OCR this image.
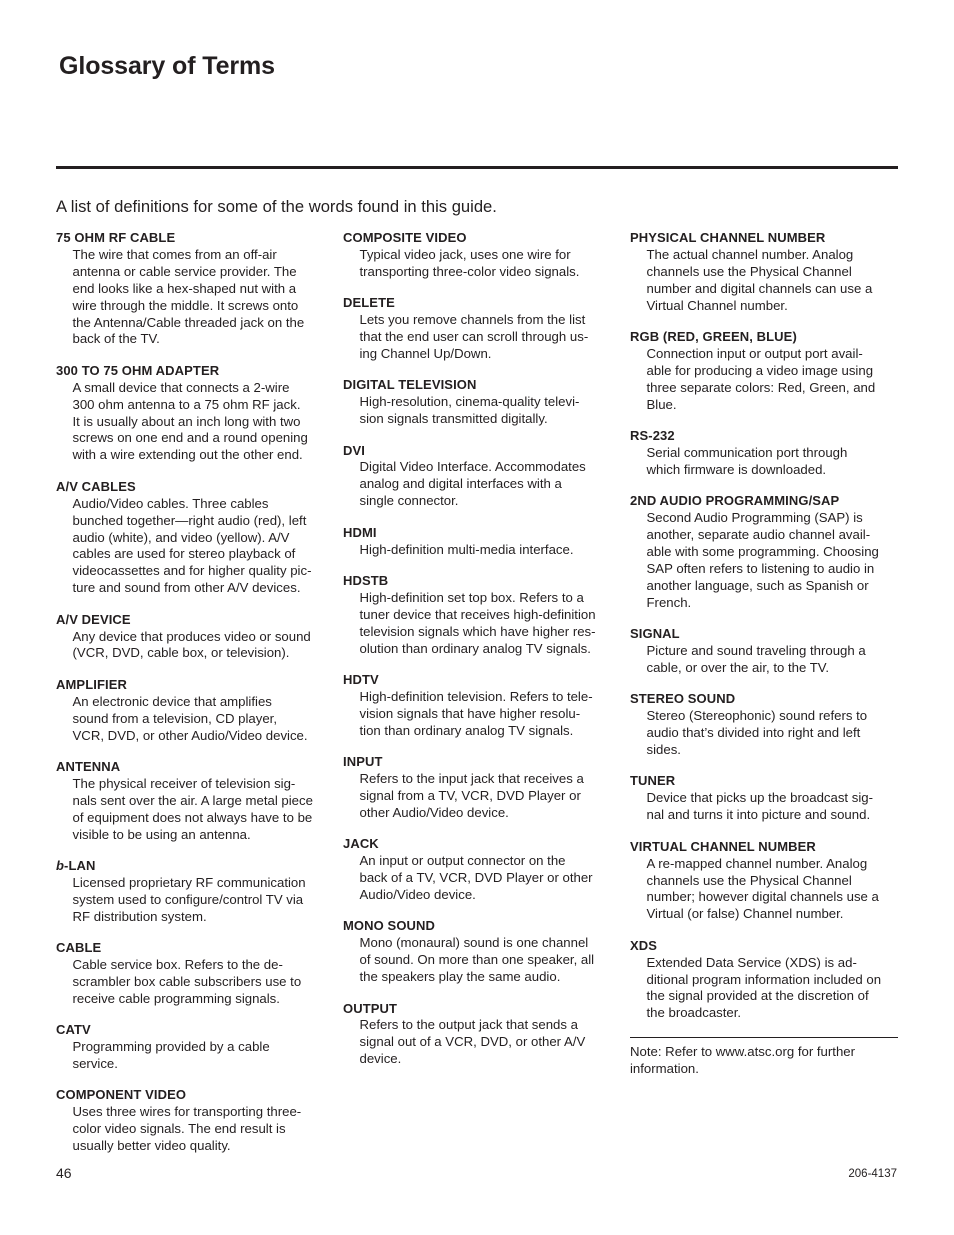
Glossary of Terms

A list of definitions for some of the words found in this guide.

75 OHM RF CABLE
The wire that comes from an off-air
antenna or cable service provider. The
end looks like a hex-shaped nut with a
wire through the middle. It screws onto
the Antenna/Cable threaded jack on the
back of the TV.
300 TO 75 OHM ADAPTER
A small device that connects a 2-wire
300 ohm antenna to a 75 ohm RF jack.
It is usually about an inch long with two
screws on one end and a round opening
with a wire extending out the other end.
A/V CABLES
Audio/Video cables. Three cables
bunched together—right audio (red), left
audio (white), and video (yellow). A/V
cables are used for stereo playback of
videocassettes and for higher quality pic-
ture and sound from other A/V devices.
A/V DEVICE
Any device that produces video or sound
(VCR, DVD, cable box, or television).
AMPLIFIER
An electronic device that amplifies
sound from a television, CD player,
VCR, DVD, or other Audio/Video device.
ANTENNA
The physical receiver of television sig-
nals sent over the air. A large metal piece
of equipment does not always have to be
visible to be using an antenna.
b-LAN
Licensed proprietary RF communication
system used to configure/control TV via
RF distribution system.
CABLE
Cable service box. Refers to the de-
scrambler box cable subscribers use to
receive cable programming signals.
CATV
Programming provided by a cable
service.
COMPONENT VIDEO
Uses three wires for transporting three-
color video signals. The end result is
usually better video quality.
COMPOSITE VIDEO
Typical video jack, uses one wire for
transporting three-color video signals.
DELETE
Lets you remove channels from the list
that the end user can scroll through us-
ing Channel Up/Down.
DIGITAL TELEVISION
High-resolution, cinema-quality televi-
sion signals transmitted digitally.
DVI
Digital Video Interface. Accommodates
analog and digital interfaces with a
single connector.
HDMI
High-definition multi-media interface.
HDSTB
High-definition set top box. Refers to a
tuner device that receives high-definition
television signals which have higher res-
olution than ordinary analog TV signals.
HDTV
High-definition television. Refers to tele-
vision signals that have higher resolu-
tion than ordinary analog TV signals.
INPUT
Refers to the input jack that receives a
signal from a TV, VCR, DVD Player or
other Audio/Video device.
JACK
An input or output connector on the
back of a TV, VCR, DVD Player or other
Audio/Video device.
MONO SOUND
Mono (monaural) sound is one channel
of sound. On more than one speaker, all
the speakers play the same audio.
OUTPUT
Refers to the output jack that sends a
signal out of a VCR, DVD, or other A/V
device.
PHYSICAL CHANNEL NUMBER
The actual channel number. Analog
channels use the Physical Channel
number and digital channels can use a
Virtual Channel number.
RGB (RED, GREEN, BLUE)
Connection input or output port avail-
able for producing a video image using
three separate colors: Red, Green, and
Blue.
RS-232
Serial communication port through
which firmware is downloaded.
2ND AUDIO PROGRAMMING/SAP
Second Audio Programming (SAP) is
another, separate audio channel avail-
able with some programming. Choosing
SAP often refers to listening to audio in
another language, such as Spanish or
French.
SIGNAL
Picture and sound traveling through a
cable, or over the air, to the TV.
STEREO SOUND
Stereo (Stereophonic) sound refers to
audio that’s divided into right and left
sides.
TUNER
Device that picks up the broadcast sig-
nal and turns it into picture and sound.
VIRTUAL CHANNEL NUMBER
A re-mapped channel number. Analog
channels use the Physical Channel
number; however digital channels use a
Virtual (or false) Channel number.
XDS
Extended Data Service (XDS) is ad-
ditional program information included on
the signal provided at the discretion of
the broadcaster.

Note: Refer to www.atsc.org for further
information.

46	206-4137
